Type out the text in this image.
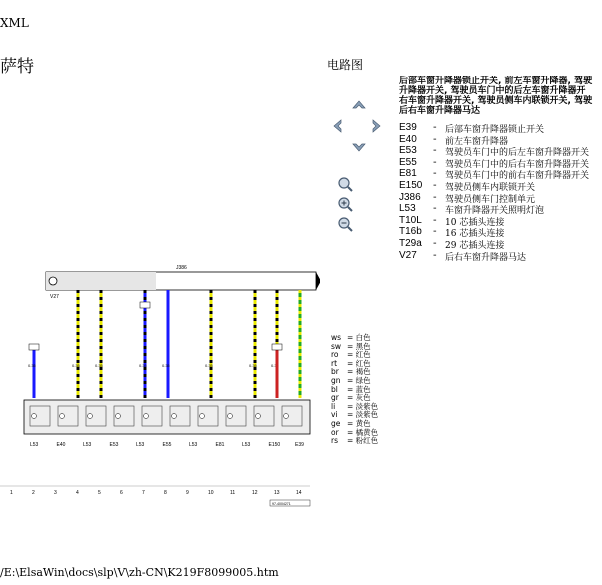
XML
萨特	电路图
后部车窗升降器锁止开关, 前左车窗升降器, 驾驶
升降器开关, 驾驶员车门中的后左车窗升降器开
右车窗升降器开关, 驾驶员侧车内联锁开关, 驾驶
后右车窗升降器马达
E39	- 后部车窗升降器锁止开关
E40	- 前左车窗升降器
E53	- 驾驶员车门中的后左车窗升降器开关
E55	- 驾驶员车门中的后右车窗升降器开关
E81	- 驾驶员车门中的前右车窗升降器开关
E150	- 驾驶员侧车内联锁开关
J386	- 驾驶员侧车门控制单元
L53	- 车窗升降器开关照明灯泡
T10L	- 10 芯插头连接
T16b	- 16 芯插头连接
T29a	- 29 芯插头连接
V27	- 后右车窗升降器马达
J386
V27
0.35	0.35	0.35	0.35	0.35	0.35	0.35	0.35
L53	E40	L53	E53	L53	E55	L53	E81	L53	E150	E39
1	2	3	4	5	6	7	8	9	10	11	12	13	14
97-4004271
ws = 白色
sw = 黑色
ro = 红色
rt = 红色
br = 褐色
gn = 绿色
bl = 蓝色
gr = 灰色
li = 淡紫色
vi = 淡紫色
ge = 黄色
or = 橘黄色
rs = 粉红色
/E:\ElsaWin\docs\slp\V\zh-CN\K219F8099005.htm
